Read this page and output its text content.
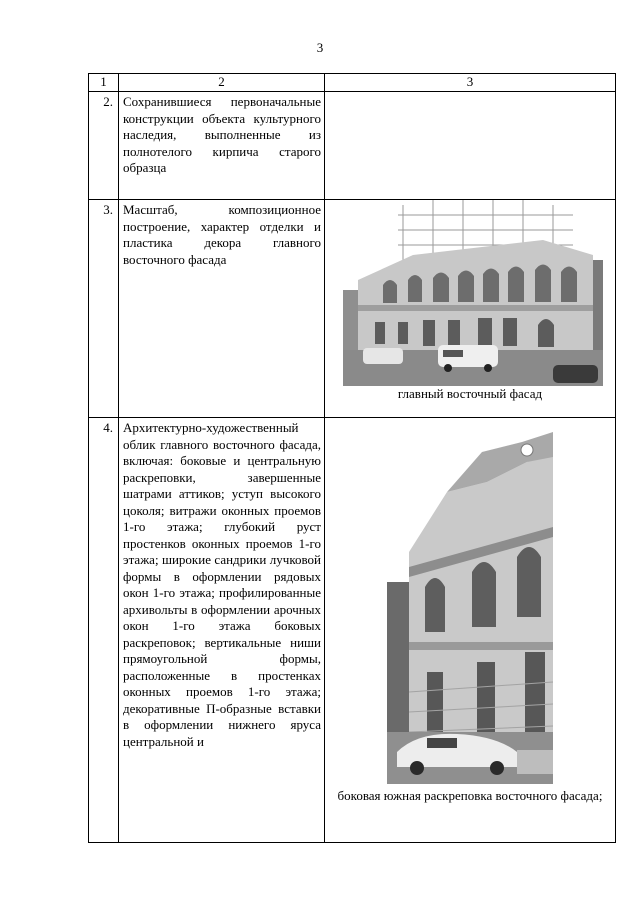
3
1	2	3
2.	Сохранившиеся первоначальные конструкции объекта культурного наследия, выполненные из полнотелого кирпича старого образца	
3.	Масштаб, композиционное построение, характер отделки и пластика декора главного восточного фасада	главный восточный фасад

4.	Архитектурно-художественный облик главного восточного фасада, включая: боковые и центральную раскреповки, завершенные шатрами аттиков; уступ высокого цоколя; витражи оконных проемов 1-го этажа; глубокий руст простенков оконных проемов 1-го этажа; широкие сандрики лучковой формы в оформлении рядовых окон 1-го этажа; профилированные архивольты в оформлении арочных окон 1-го этажа боковых раскреповок; вертикальные ниши прямоугольной формы, расположенные в простенках оконных проемов 1-го этажа; декоративные П-образные вставки в оформлении нижнего яруса центральной и	боковая южная раскреповка восточного фасада;
